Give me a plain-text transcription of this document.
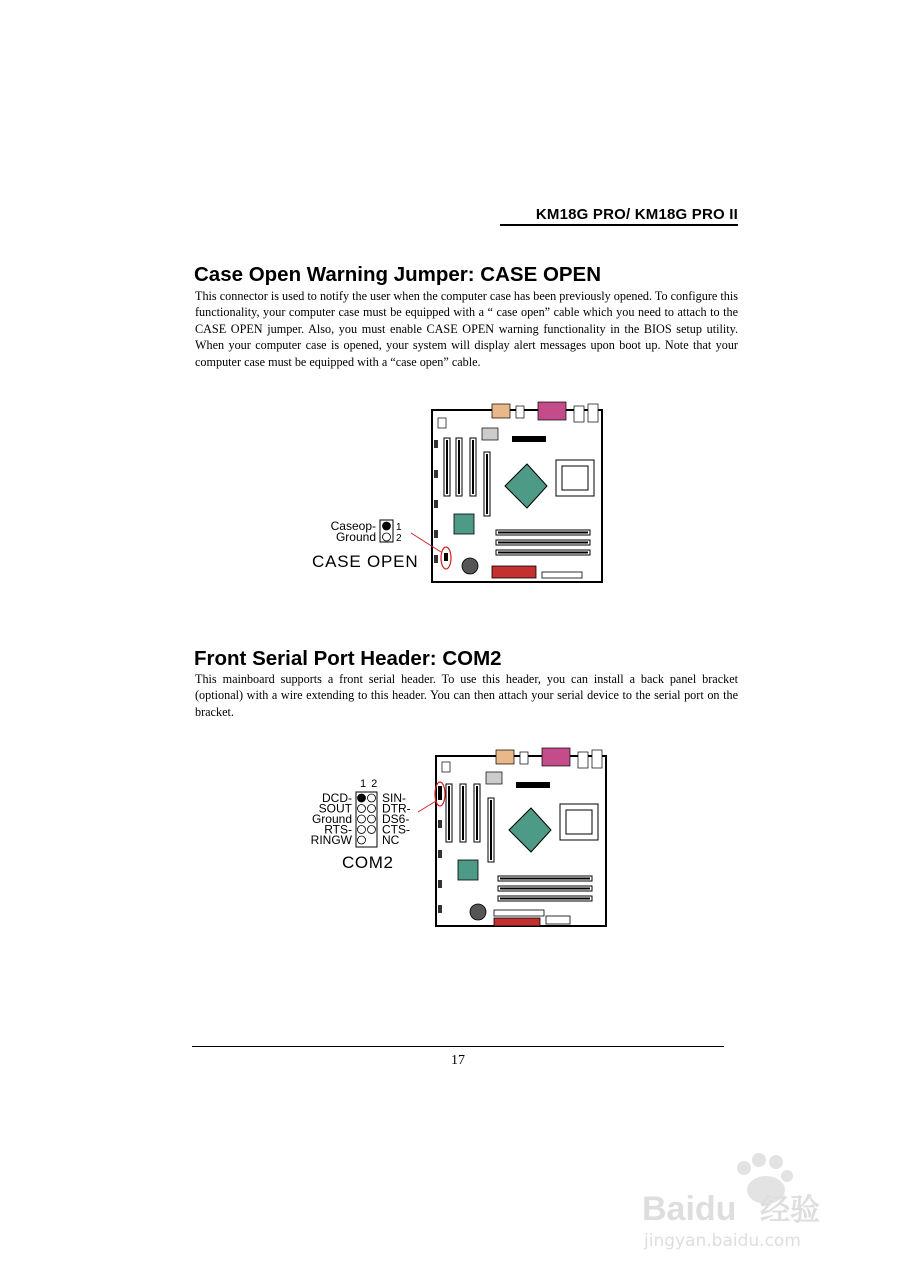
KM18G PRO/ KM18G PRO II
Case Open Warning Jumper: CASE OPEN
This connector is used to notify the user when the computer case has been previously opened. To configure this functionality, your computer case must be equipped with a “ case open” cable which you need to attach to the CASE OPEN jumper. Also, you must enable CASE OPEN warning functionality in the BIOS setup utility. When your computer case is opened, your system will display alert messages upon boot up. Note that your computer case must be equipped with a “case open” cable.
Front Serial Port Header: COM2
This mainboard supports a front serial header. To use this header, you can install a back panel bracket (optional) with a wire extending to this header. You can then attach your serial device to the serial port on the bracket.
Caseop-
Ground
1
2
CASE OPEN
1 2
DCD-
SOUT
Ground
RTS-
RINGW
SIN-
DTR-
DS6-
CTS-
NC
COM2
17
Baidu 经验
jingyan.baidu.com
